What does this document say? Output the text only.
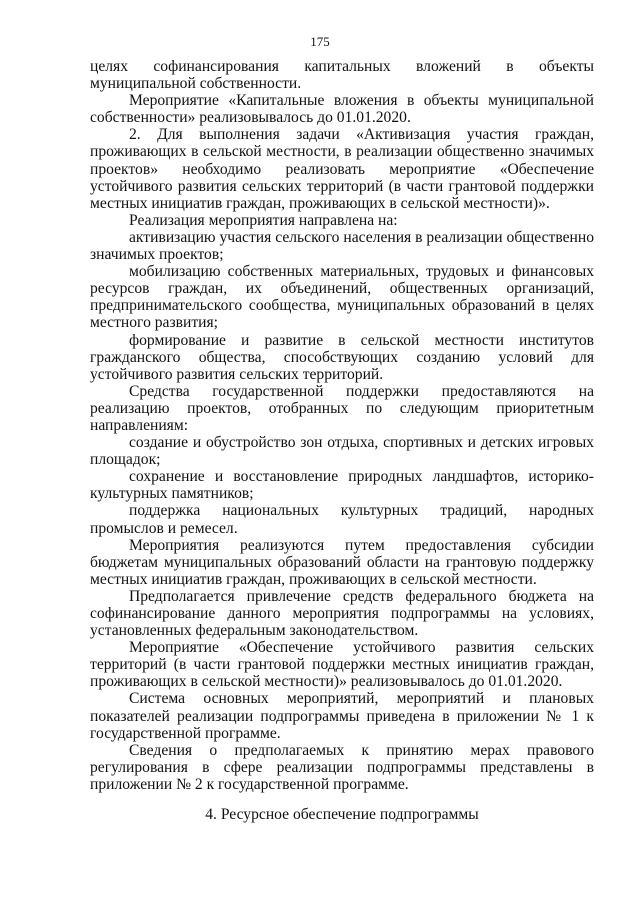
175

целях софинансирования капитальных вложений в объекты муниципальной собственности.

Мероприятие «Капитальные вложения в объекты муниципальной собственности» реализовывалось до 01.01.2020.

2. Для выполнения задачи «Активизация участия граждан, проживающих в сельской местности, в реализации общественно значимых проектов» необходимо реализовать мероприятие «Обеспечение устойчивого развития сельских территорий (в части грантовой поддержки местных инициатив граждан, проживающих в сельской местности)».

Реализация мероприятия направлена на:

активизацию участия сельского населения в реализации общественно значимых проектов;

мобилизацию собственных материальных, трудовых и финансовых ресурсов граждан, их объединений, общественных организаций, предпринимательского сообщества, муниципальных образований в целях местного развития;

формирование и развитие в сельской местности институтов гражданского общества, способствующих созданию условий для устойчивого развития сельских территорий.

Средства государственной поддержки предоставляются на реализацию проектов, отобранных по следующим приоритетным направлениям:

создание и обустройство зон отдыха, спортивных и детских игровых площадок;

сохранение и восстановление природных ландшафтов, историко-культурных памятников;

поддержка национальных культурных традиций, народных промыслов и ремесел.

Мероприятия реализуются путем предоставления субсидии бюджетам муниципальных образований области на грантовую поддержку местных инициатив граждан, проживающих в сельской местности.

Предполагается привлечение средств федерального бюджета на софинансирование данного мероприятия подпрограммы на условиях, установленных федеральным законодательством.

Мероприятие «Обеспечение устойчивого развития сельских территорий (в части грантовой поддержки местных инициатив граждан, проживающих в сельской местности)» реализовывалось до 01.01.2020.

Система основных мероприятий, мероприятий и плановых показателей реализации подпрограммы приведена в приложении № 1 к государственной программе.

Сведения о предполагаемых к принятию мерах правового регулирования в сфере реализации подпрограммы представлены в приложении № 2 к государственной программе.

4. Ресурсное обеспечение подпрограммы
